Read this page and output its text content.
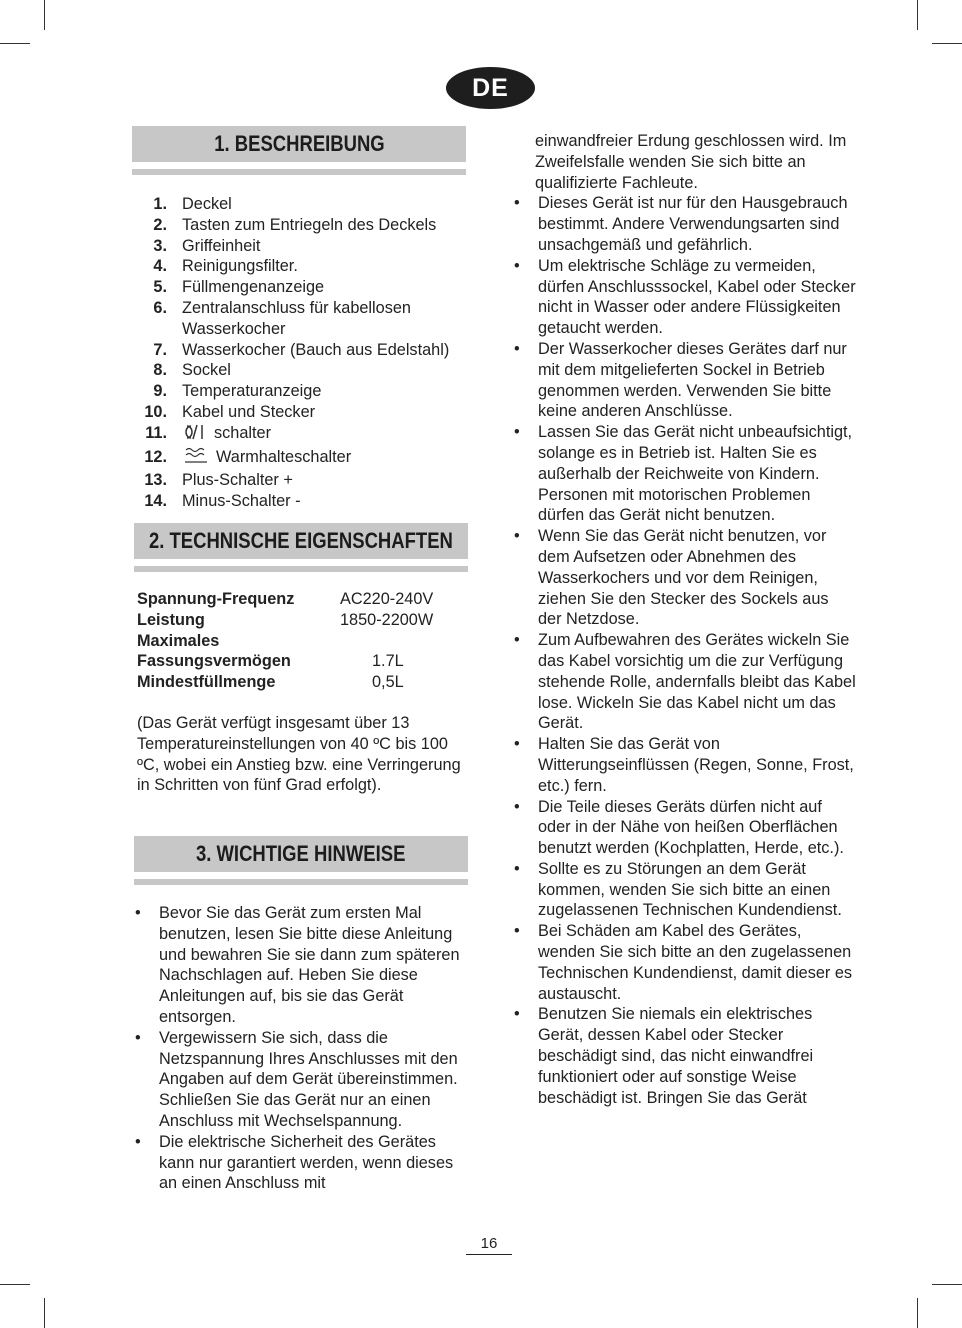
DE
1. BESCHREIBUNG
1. Deckel
2. Tasten zum Entriegeln des Deckels
3. Griffeinheit
4. Reinigungsfilter.
5. Füllmengenanzeige
6. Zentralanschluss für kabellosen Wasserkocher
7. Wasserkocher (Bauch aus Edelstahl)
8. Sockel
9. Temperaturanzeige
10. Kabel und Stecker
11.	schalter
12.	Warmhalteschalter
13. Plus-Schalter +
14. Minus-Schalter -
2. TECHNISCHE EIGENSCHAFTEN
Spannung-Frequenz	AC220-240V
Leistung	1850-2200W
Maximales
Fassungsvermögen	1.7L
Mindestfüllmenge	0,5L
(Das Gerät verfügt insgesamt über 13 Temperatureinstellungen von 40 ºC bis 100 ºC, wobei ein Anstieg bzw. eine Verringerung in Schritten von fünf Grad erfolgt).
3. WICHTIGE HINWEISE
•	Bevor Sie das Gerät zum ersten Mal benutzen, lesen Sie bitte diese Anleitung und bewahren Sie sie dann zum späteren Nachschlagen auf. Heben Sie diese Anleitungen auf, bis sie das Gerät entsorgen.
•	Vergewissern Sie sich, dass die Netzspannung Ihres Anschlusses mit den Angaben auf dem Gerät übereinstimmen. Schließen Sie das Gerät nur an einen Anschluss mit Wechselspannung.
•	Die elektrische Sicherheit des Gerätes kann nur garantiert werden, wenn dieses an einen Anschluss mit
einwandfreier Erdung geschlossen wird. Im Zweifelsfalle wenden Sie sich bitte an qualifizierte Fachleute.
•	Dieses Gerät ist nur für den Hausgebrauch bestimmt. Andere Verwendungsarten sind unsachgemäß und gefährlich.
•	Um elektrische Schläge zu vermeiden, dürfen Anschlusssockel, Kabel oder Stecker nicht in Wasser oder andere Flüssigkeiten getaucht werden.
•	Der Wasserkocher dieses Gerätes darf nur mit dem mitgelieferten Sockel in Betrieb genommen werden. Verwenden Sie bitte keine anderen Anschlüsse.
•	Lassen Sie das Gerät nicht unbeaufsichtigt, solange es in Betrieb ist. Halten Sie es außerhalb der Reichweite von Kindern. Personen mit motorischen Problemen dürfen das Gerät nicht benutzen.
•	Wenn Sie das Gerät nicht benutzen, vor dem Aufsetzen oder Abnehmen des Wasserkochers und vor dem Reinigen, ziehen Sie den Stecker des Sockels aus der Netzdose.
•	Zum Aufbewahren des Gerätes wickeln Sie das Kabel vorsichtig um die zur Verfügung stehende Rolle, andernfalls bleibt das Kabel lose. Wickeln Sie das Kabel nicht um das Gerät.
•	Halten Sie das Gerät von Witterungseinflüssen (Regen, Sonne, Frost, etc.) fern.
•	Die Teile dieses Geräts dürfen nicht auf oder in der Nähe von heißen Oberflächen benutzt werden (Kochplatten, Herde, etc.).
•	Sollte es zu Störungen an dem Gerät kommen, wenden Sie sich bitte an einen zugelassenen Technischen Kundendienst.
•	Bei Schäden am Kabel des Gerätes, wenden Sie sich bitte an den zugelassenen Technischen Kundendienst, damit dieser es austauscht.
•	Benutzen Sie niemals ein elektrisches Gerät, dessen Kabel oder Stecker beschädigt sind, das nicht einwandfrei funktioniert oder auf sonstige Weise beschädigt ist. Bringen Sie das Gerät
16
